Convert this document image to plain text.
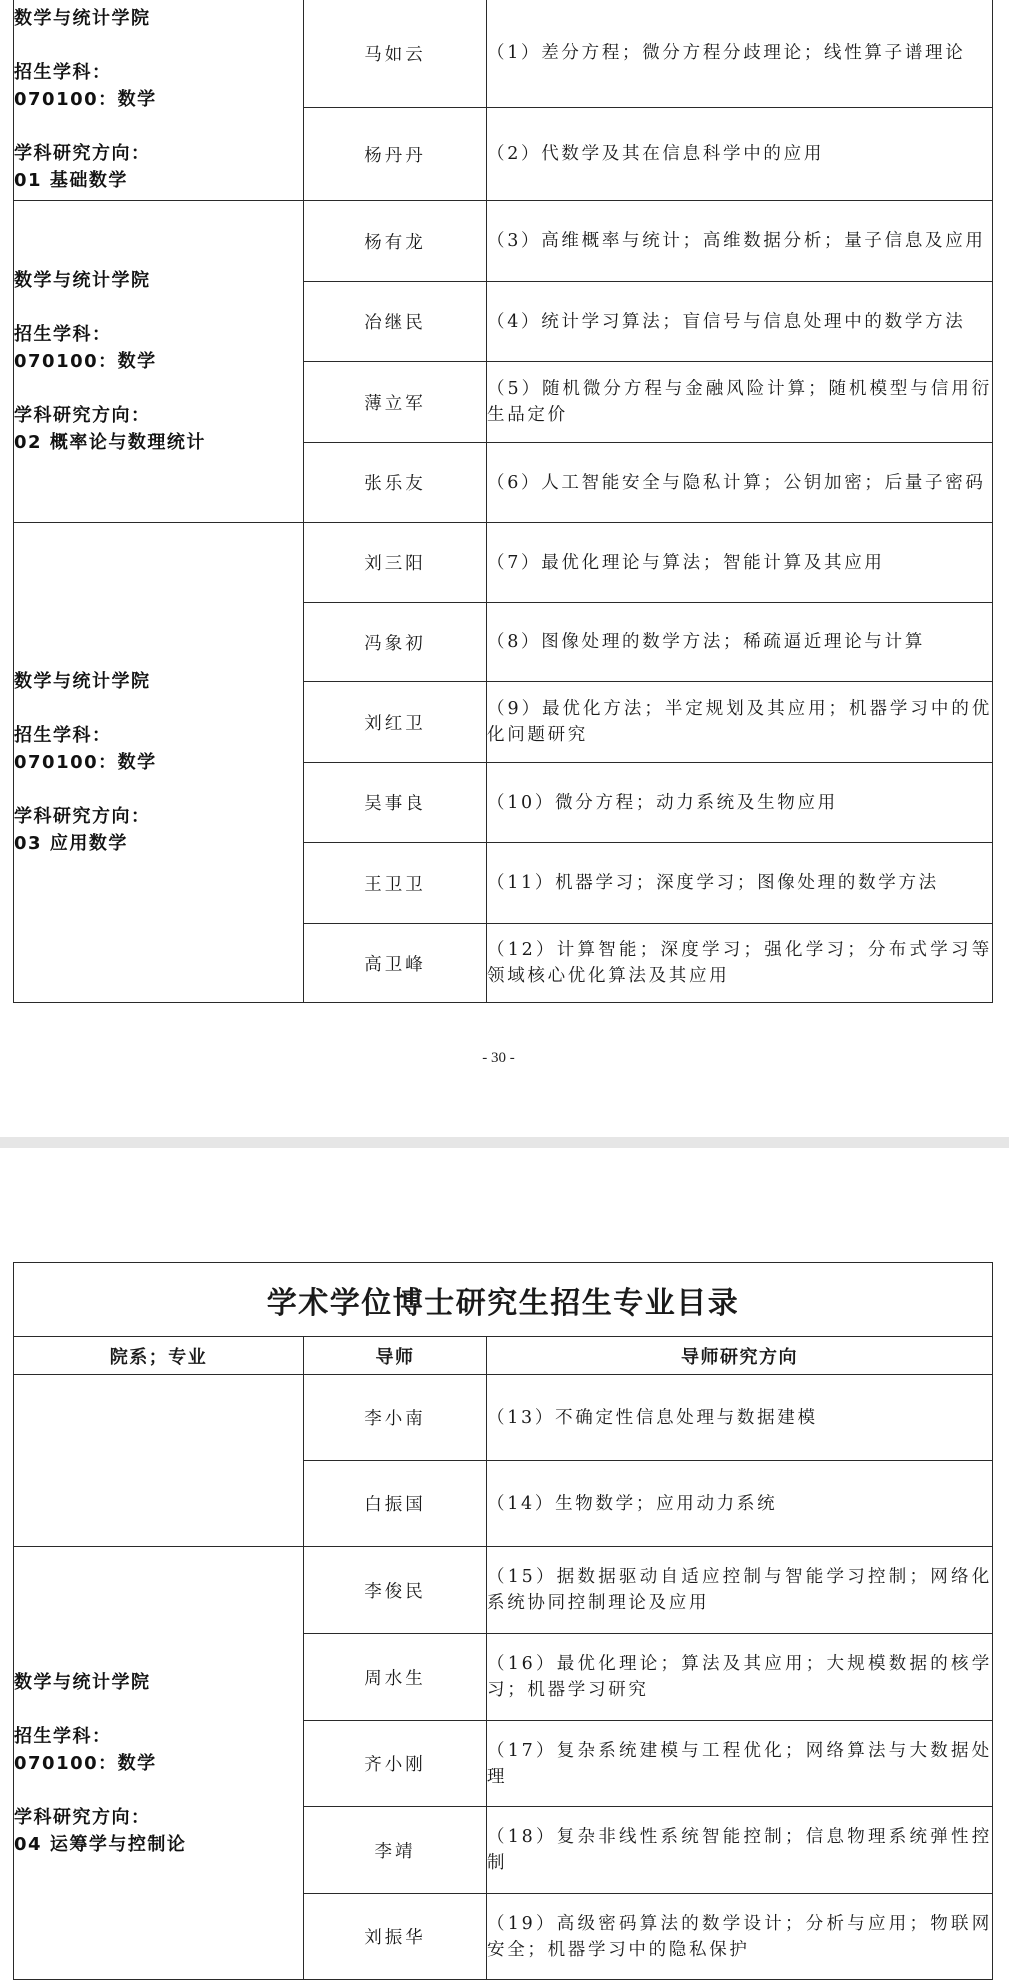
数学与统计学院
招生学科：
070100：数学
学科研究方向：
01 基础数学	马如云	（1）差分方程；微分方程分歧理论；线性算子谱理论
	杨丹丹	（2）代数学及其在信息科学中的应用

数学与统计学院
招生学科：
070100：数学
学科研究方向：
02 概率论与数理统计	杨有龙	（3）高维概率与统计；高维数据分析；量子信息及应用
	冶继民	（4）统计学习算法；盲信号与信息处理中的数学方法
	薄立军	（5）随机微分方程与金融风险计算；随机模型与信用衍生品定价
	张乐友	（6）人工智能安全与隐私计算；公钥加密；后量子密码

数学与统计学院
招生学科：
070100：数学
学科研究方向：
03 应用数学	刘三阳	（7）最优化理论与算法；智能计算及其应用
	冯象初	（8）图像处理的数学方法；稀疏逼近理论与计算
	刘红卫	（9）最优化方法；半定规划及其应用；机器学习中的优化问题研究
	吴事良	（10）微分方程；动力系统及生物应用
	王卫卫	（11）机器学习；深度学习；图像处理的数学方法
	高卫峰	（12）计算智能；深度学习；强化学习；分布式学习等领域核心优化算法及其应用
- 30 -
学术学位博士研究生招生专业目录		
院系；专业	导师	导师研究方向
	李小南	（13）不确定性信息处理与数据建模
	白振国	（14）生物数学；应用动力系统

数学与统计学院
招生学科：
070100：数学
学科研究方向：
04 运筹学与控制论	李俊民	（15）据数据驱动自适应控制与智能学习控制；网络化系统协同控制理论及应用
	周水生	（16）最优化理论；算法及其应用；大规模数据的核学习；机器学习研究
	齐小刚	（17）复杂系统建模与工程优化；网络算法与大数据处理
	李靖	（18）复杂非线性系统智能控制；信息物理系统弹性控制
	刘振华	（19）高级密码算法的数学设计；分析与应用；物联网安全；机器学习中的隐私保护
